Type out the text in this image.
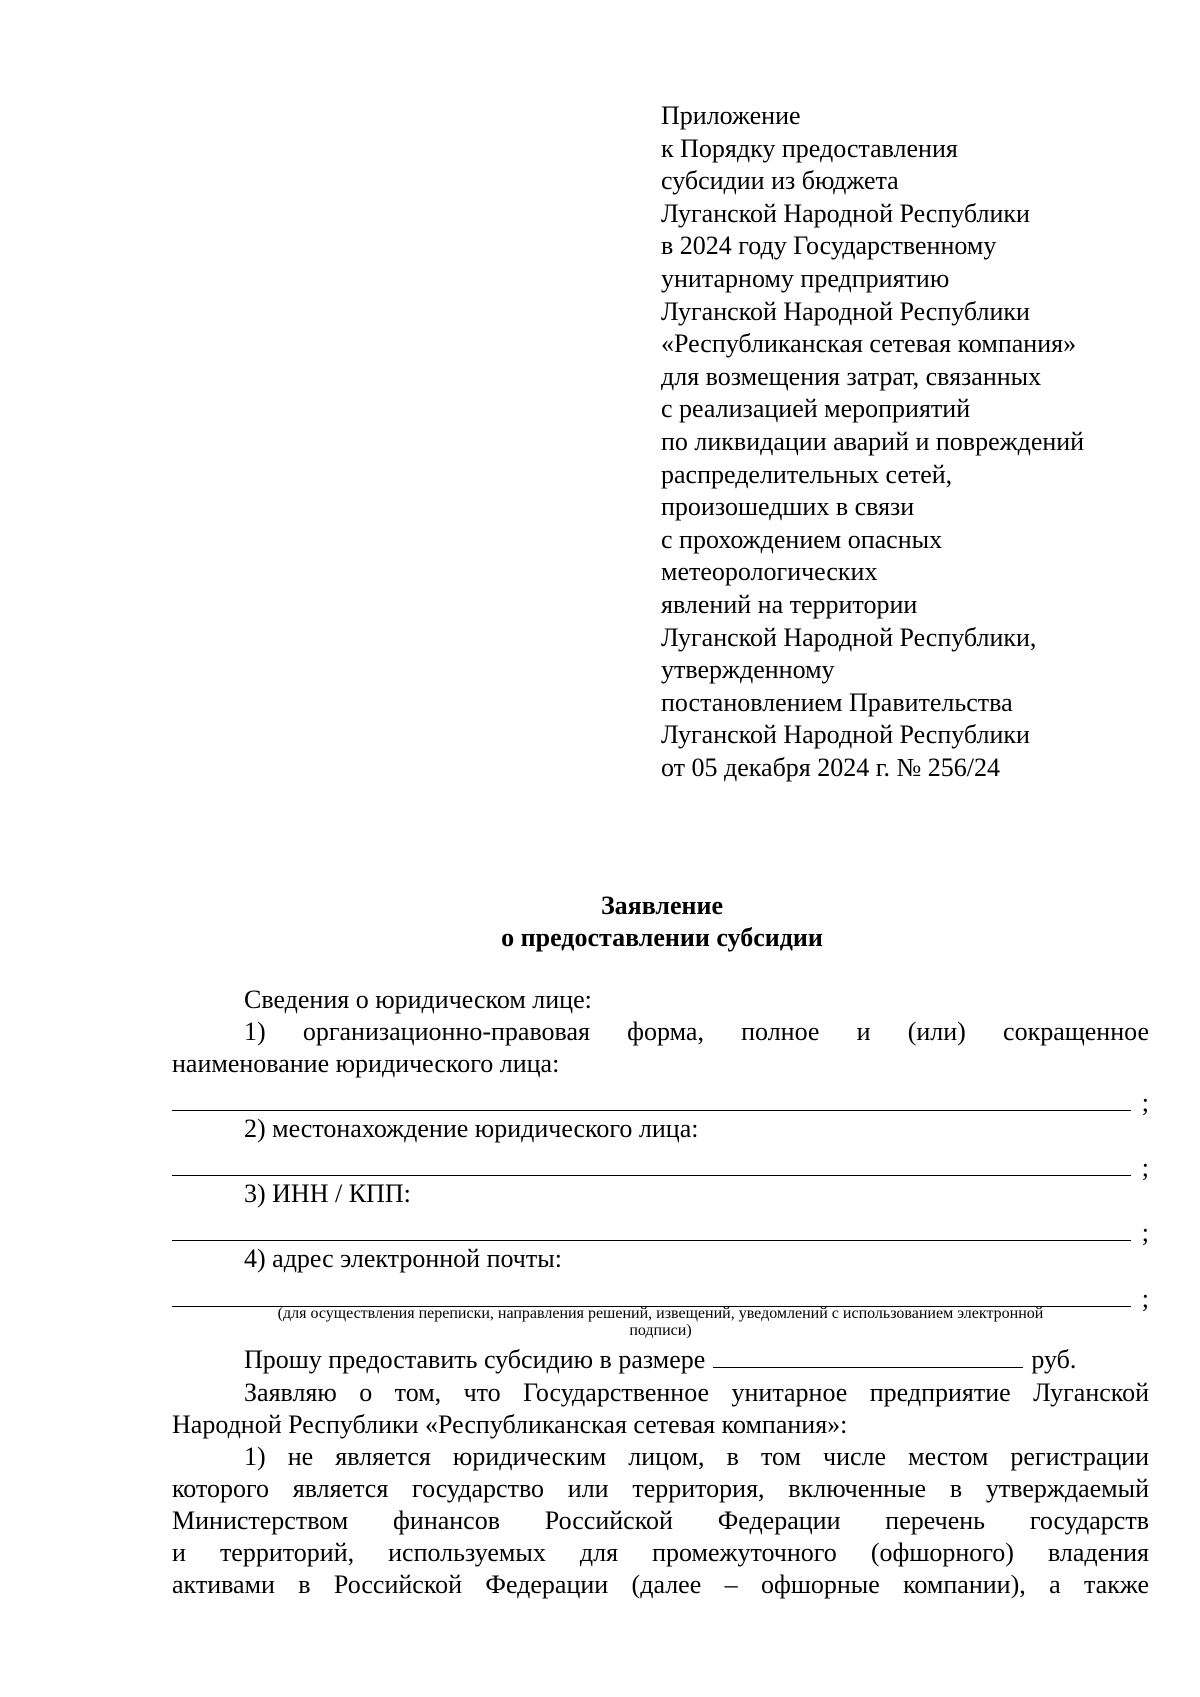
Приложение
к Порядку предоставления
субсидии из бюджета
Луганской Народной Республики
в 2024 году Государственному
унитарному предприятию
Луганской Народной Республики
«Республиканская сетевая компания»
для возмещения затрат, связанных
с реализацией мероприятий
по ликвидации аварий и повреждений
распределительных сетей,
произошедших в связи
с прохождением опасных
метеорологических
явлений на территории
Луганской Народной Республики,
утвержденному
постановлением Правительства
Луганской Народной Республики
от 05 декабря 2024 г. № 256/24
Заявление
о предоставлении субсидии
Сведения о юридическом лице:
1) организационно-правовая форма, полное и (или) сокращенное
наименование юридического лица:
;
2) местонахождение юридического лица:
;
3) ИНН / КПП:
;
4) адрес электронной почты:
;
(для осуществления переписки, направления решений, извещений, уведомлений с использованием электронной
подписи)
Прошу предоставить субсидию в размере	руб.
Заявляю о том, что Государственное унитарное предприятие Луганской
Народной Республики «Республиканская сетевая компания»:
1) не является юридическим лицом, в том числе местом регистрации
которого является государство или территория, включенные в утверждаемый
Министерством финансов Российской Федерации перечень государств
и территорий, используемых для промежуточного (офшорного) владения
активами в Российской Федерации (далее – офшорные компании), а также
